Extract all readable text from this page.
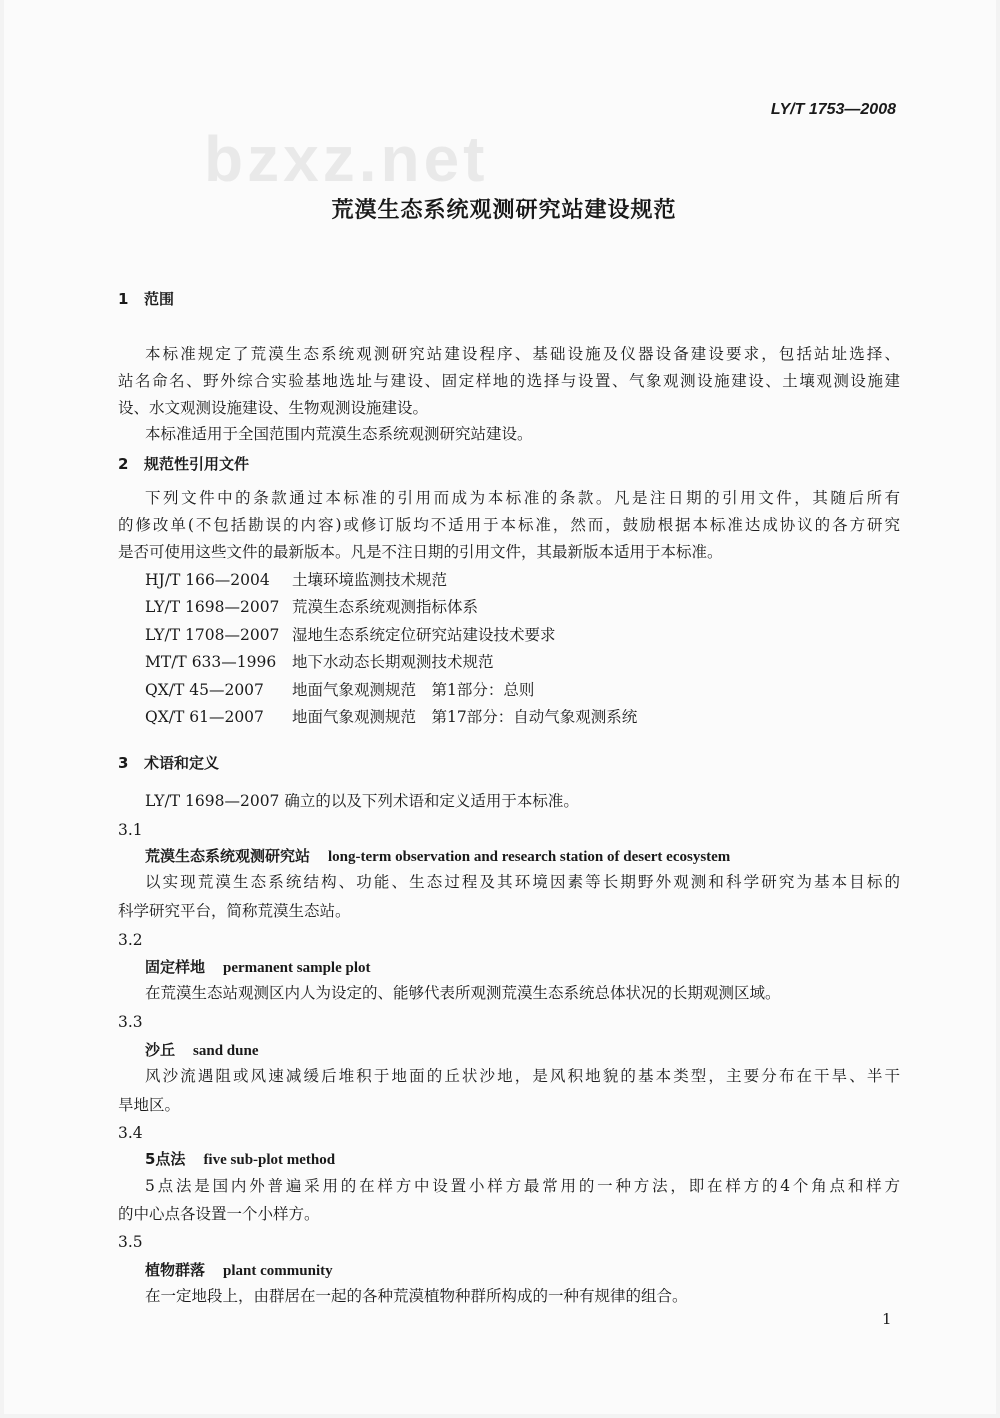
bzxz.net
LY/T 1753—2008
荒漠生态系统观测研究站建设规范
1 范围
本标准规定了荒漠生态系统观测研究站建设程序、基础设施及仪器设备建设要求，包括站址选择、
站名命名、野外综合实验基地选址与建设、固定样地的选择与设置、气象观测设施建设、土壤观测设施建
设、水文观测设施建设、生物观测设施建设。
本标准适用于全国范围内荒漠生态系统观测研究站建设。
2 规范性引用文件
下列文件中的条款通过本标准的引用而成为本标准的条款。凡是注日期的引用文件，其随后所有
的修改单(不包括勘误的内容)或修订版均不适用于本标准，然而，鼓励根据本标准达成协议的各方研究
是否可使用这些文件的最新版本。凡是不注日期的引用文件，其最新版本适用于本标准。
HJ/T 166—2004 土壤环境监测技术规范
LY/T 1698—2007 荒漠生态系统观测指标体系
LY/T 1708—2007 湿地生态系统定位研究站建设技术要求
MT/T 633—1996 地下水动态长期观测技术规范
QX/T 45—2007 地面气象观测规范　第1部分：总则
QX/T 61—2007 地面气象观测规范　第17部分：自动气象观测系统
3 术语和定义
LY/T 1698—2007 确立的以及下列术语和定义适用于本标准。
3.1
荒漠生态系统观测研究站 long-term observation and research station of desert ecosystem
以实现荒漠生态系统结构、功能、生态过程及其环境因素等长期野外观测和科学研究为基本目标的
科学研究平台，简称荒漠生态站。
3.2
固定样地 permanent sample plot
在荒漠生态站观测区内人为设定的、能够代表所观测荒漠生态系统总体状况的长期观测区域。
3.3
沙丘 sand dune
风沙流遇阻或风速减缓后堆积于地面的丘状沙地，是风积地貌的基本类型，主要分布在干旱、半干
旱地区。
3.4
5点法 five sub-plot method
5点法是国内外普遍采用的在样方中设置小样方最常用的一种方法，即在样方的4个角点和样方
的中心点各设置一个小样方。
3.5
植物群落 plant community
在一定地段上，由群居在一起的各种荒漠植物种群所构成的一种有规律的组合。
1
